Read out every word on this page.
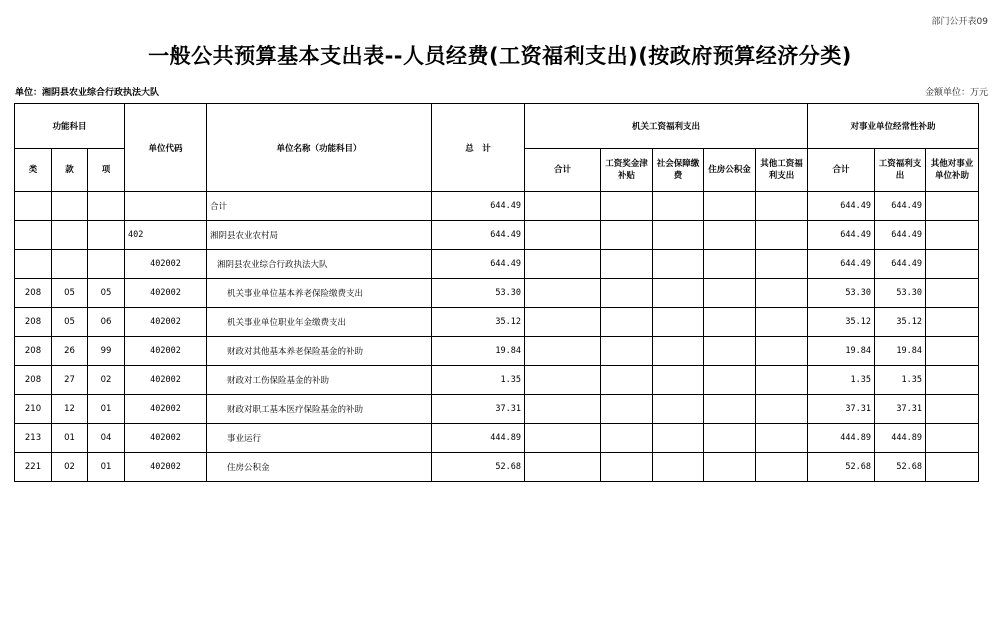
部门公开表09
一般公共预算基本支出表--人员经费(工资福利支出)(按政府预算经济分类)
单位：湘阴县农业综合行政执法大队	金额单位：万元
功能科目			单位代码	单位名称（功能科目）	总　计	机关工资福利支出					对事业单位经常性补助		
类	款	项				合计	工资奖金津补贴	社会保障缴费	住房公积金	其他工资福利支出	合计	工资福利支出	其他对事业单位补助
				合计	644.49						644.49	644.49	
			402	湘阴县农业农村局	644.49						644.49	644.49	
			402002	湘阴县农业综合行政执法大队	644.49						644.49	644.49	
208	05	05	402002	机关事业单位基本养老保险缴费支出	53.30						53.30	53.30	
208	05	06	402002	机关事业单位职业年金缴费支出	35.12						35.12	35.12	
208	26	99	402002	财政对其他基本养老保险基金的补助	19.84						19.84	19.84	
208	27	02	402002	财政对工伤保险基金的补助	1.35						1.35	1.35	
210	12	01	402002	财政对职工基本医疗保险基金的补助	37.31						37.31	37.31	
213	01	04	402002	事业运行	444.89						444.89	444.89	
221	02	01	402002	住房公积金	52.68						52.68	52.68	
